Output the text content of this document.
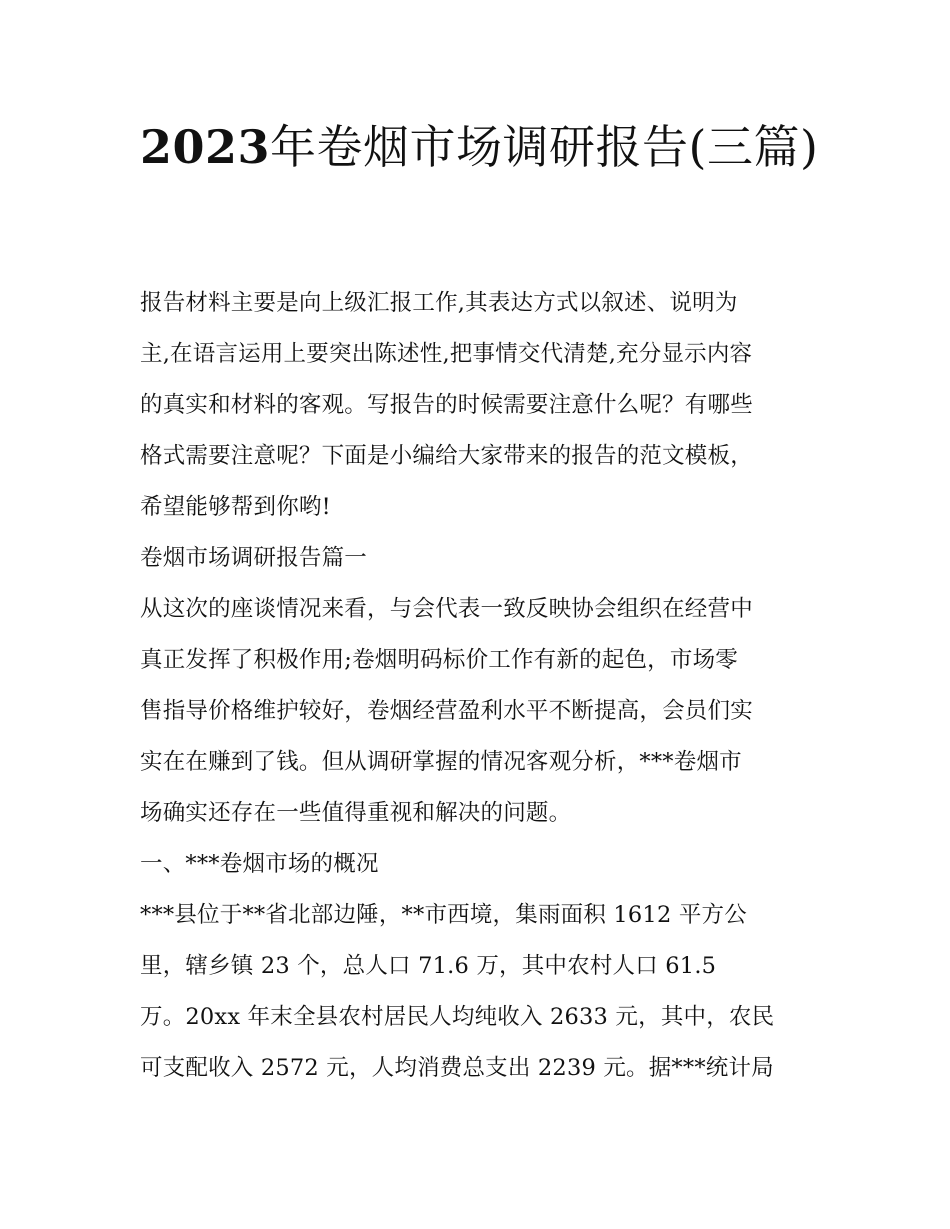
2023年卷烟市场调研报告(三篇)

报告材料主要是向上级汇报工作,其表达方式以叙述、说明为
主,在语言运用上要突出陈述性,把事情交代清楚,充分显示内容
的真实和材料的客观。写报告的时候需要注意什么呢？有哪些
格式需要注意呢？下面是小编给大家带来的报告的范文模板，
希望能够帮到你哟!

卷烟市场调研报告篇一

从这次的座谈情况来看，与会代表一致反映协会组织在经营中
真正发挥了积极作用;卷烟明码标价工作有新的起色，市场零
售指导价格维护较好，卷烟经营盈利水平不断提高，会员们实
实在在赚到了钱。但从调研掌握的情况客观分析，***卷烟市
场确实还存在一些值得重视和解决的问题。

一、***卷烟市场的概况

***县位于**省北部边陲，**市西境，集雨面积 1612 平方公
里，辖乡镇 23 个，总人口 71.6 万，其中农村人口 61.5
万。20xx 年末全县农村居民人均纯收入 2633 元，其中，农民
可支配收入 2572 元，人均消费总支出 2239 元。据***统计局
